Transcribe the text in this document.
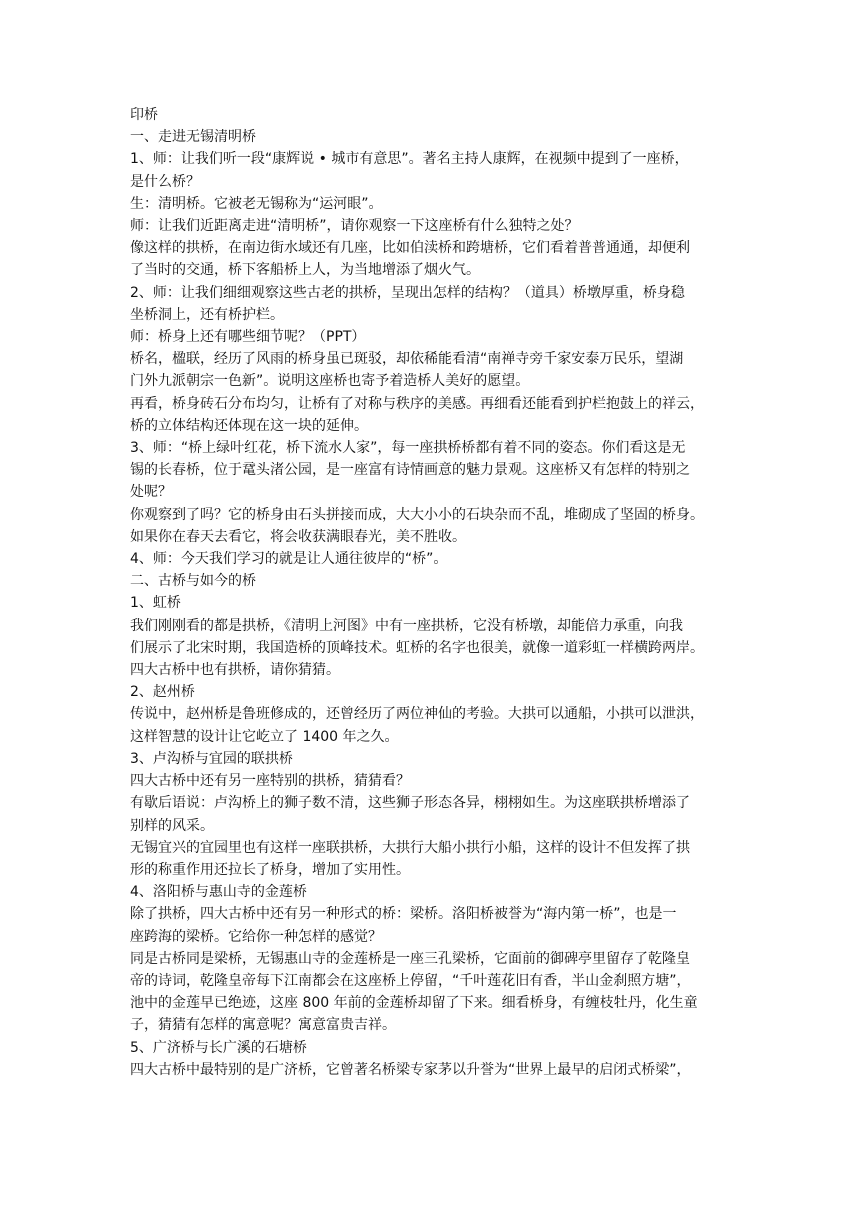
印桥

一、走进无锡清明桥

1、师：让我们听一段“康辉说 • 城市有意思”。著名主持人康辉，在视频中提到了一座桥，

是什么桥？

生：清明桥。它被老无锡称为“运河眼”。

师：让我们近距离走进“清明桥”，请你观察一下这座桥有什么独特之处？

像这样的拱桥，在南边街水域还有几座，比如伯渎桥和跨塘桥，它们看着普普通通，却便利

了当时的交通，桥下客船桥上人，为当地增添了烟火气。

2、师：让我们细细观察这些古老的拱桥，呈现出怎样的结构？（道具）桥墩厚重，桥身稳

坐桥洞上，还有桥护栏。

师：桥身上还有哪些细节呢？（PPT）

桥名，楹联，经历了风雨的桥身虽已斑驳，却依稀能看清“南禅寺旁千家安泰万民乐，望湖

门外九派朝宗一色新”。说明这座桥也寄予着造桥人美好的愿望。

再看，桥身砖石分布均匀，让桥有了对称与秩序的美感。再细看还能看到护栏抱鼓上的祥云，

桥的立体结构还体现在这一块的延伸。

3、师：“桥上绿叶红花，桥下流水人家”，每一座拱桥桥都有着不同的姿态。你们看这是无

锡的长春桥，位于鼋头渚公园，是一座富有诗情画意的魅力景观。这座桥又有怎样的特别之

处呢？

你观察到了吗？它的桥身由石头拼接而成，大大小小的石块杂而不乱，堆砌成了坚固的桥身。

如果你在春天去看它，将会收获满眼春光，美不胜收。

4、师：今天我们学习的就是让人通往彼岸的“桥”。

二、古桥与如今的桥

1、虹桥

我们刚刚看的都是拱桥，《清明上河图》中有一座拱桥，它没有桥墩，却能倍力承重，向我

们展示了北宋时期，我国造桥的顶峰技术。虹桥的名字也很美，就像一道彩虹一样横跨两岸。

四大古桥中也有拱桥，请你猜猜。

2、赵州桥

传说中，赵州桥是鲁班修成的，还曾经历了两位神仙的考验。大拱可以通船，小拱可以泄洪，

这样智慧的设计让它屹立了 1400 年之久。

3、卢沟桥与宜园的联拱桥

四大古桥中还有另一座特别的拱桥，猜猜看？

有歇后语说：卢沟桥上的狮子数不清，这些狮子形态各异，栩栩如生。为这座联拱桥增添了

别样的风采。

无锡宜兴的宜园里也有这样一座联拱桥，大拱行大船小拱行小船，这样的设计不但发挥了拱

形的称重作用还拉长了桥身，增加了实用性。

4、洛阳桥与惠山寺的金莲桥

除了拱桥，四大古桥中还有另一种形式的桥：梁桥。洛阳桥被誉为“海内第一桥”，也是一

座跨海的梁桥。它给你一种怎样的感觉？

同是古桥同是梁桥，无锡惠山寺的金莲桥是一座三孔梁桥，它面前的御碑亭里留存了乾隆皇

帝的诗词，乾隆皇帝每下江南都会在这座桥上停留，“千叶莲花旧有香，半山金刹照方塘”，

池中的金莲早已绝迹，这座 800 年前的金莲桥却留了下来。细看桥身，有缠枝牡丹，化生童

子，猜猜有怎样的寓意呢？寓意富贵吉祥。

5、广济桥与长广溪的石塘桥

四大古桥中最特别的是广济桥，它曾著名桥梁专家茅以升誉为“世界上最早的启闭式桥梁”，
